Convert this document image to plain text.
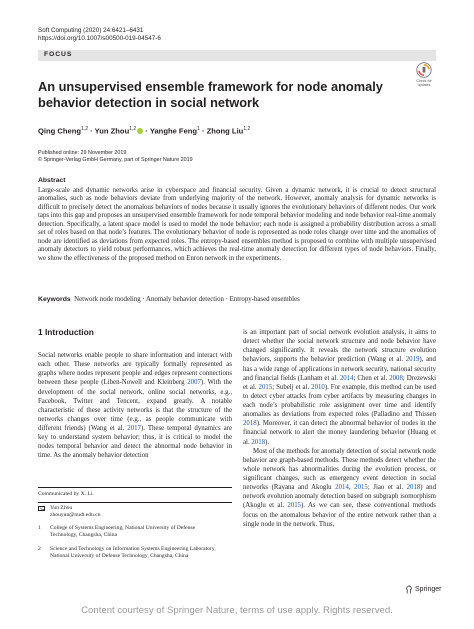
Soft Computing (2020) 24:6421–6431
https://doi.org/10.1007/s00500-019-04547-6
FOCUS
Check for updates
An unsupervised ensemble framework for node anomaly behavior detection in social network
Qing Cheng$^{1,2}$ · Yun Zhou$^{1,2}$ · Yanghe Feng$^1$ · Zhong Liu$^{1,2}$
Published online: 29 November 2019
© Springer-Verlag GmbH Germany, part of Springer Nature 2019
Abstract

Large-scale and dynamic networks arise in cyberspace and financial security. Given a dynamic network, it is crucial to detect structural anomalies, such as node behaviors deviate from underlying majority of the network. However, anomaly analysis for dynamic networks is difficult to precisely detect the anomalous behaviors of nodes because it usually ignores the evolutionary behaviors of different nodes. Our work taps into this gap and proposes an unsupervised ensemble framework for node temporal behavior modeling and node behavior real-time anomaly detection. Specifically, a latent space model is used to model the node behavior; each node is assigned a probability distribution across a small set of roles based on that node’s features. The evolutionary behavior of node is represented as node roles change over time and the anomalies of node are identified as deviations from expected roles. The entropy-based ensembles method is proposed to combine with multiple unsupervised anomaly detectors to yield robust performances, which achieves the real-time anomaly detection for different types of node behaviors. Finally, we show the effectiveness of the proposed method on Enron network in the experiments.

Keywords Network node modeling · Anomaly behavior detection · Entropy-based ensembles
1 Introduction

Social networks enable people to share information and interact with each other. These networks are typically formally represented as graphs where nodes represent people and edges represent connections between these people (Liben-Nowell and Kleinberg 2007). With the development of the social network, online social networks, e.g., Facebook, Twitter and Tencent, expand greatly. A notable characteristic of these activity networks is that the structure of the networks changes over time (e.g., as people communicate with different friends) (Wang et al. 2017). These temporal dynamics are key to understand system behavior; thus, it is critical to model the nodes temporal behavior and detect the abnormal node behavior in time. As the anomaly behavior detection

Communicated by X. Li.
Yun Zhou
zhouyun@nudt.edu.cn
1 College of Systems Engineering, National University of Defense Technology, Changsha, China
2 Science and Technology on Information Systems Engineering Laboratory, National University of Defense Technology, Changsha, China

is an important part of social network evolution analysis, it aims to detect whether the social network structure and node behavior have changed significantly. It reveals the network structure evolution behaviors, supports the behavior prediction (Wang et al. 2019), and has a wide range of applications in network security, national security and financial fields (Lanham et al. 2014; Chen et al. 2008; Drezewski et al. 2015; Subelj et al. 2010). For example, this method can be used to detect cyber attacks from cyber artifacts by measuring changes in each node’s probabilistic role assignment over time and identify anomalies as deviations from expected roles (Palladino and Thissen 2018). Moreover, it can detect the abnormal behavior of nodes in the financial network to alert the money laundering behavior (Huang et al. 2018).

Most of the methods for anomaly detection of social network node behavior are graph-based methods. These methods detect whether the whole network has abnormalities during the evolution process, or significant changes, such as emergency event detection in social networks (Rayana and Akoglu 2014, 2015; Jiao et al. 2018) and network evolution anomaly detection based on subgraph isomorphism (Akoglu et al. 2015). As we can see, these conventional methods focus on the anomalous behavior of the entire network rather than a single node in the network. Thus,

Springer
Content courtesy of Springer Nature, terms of use apply. Rights reserved.
